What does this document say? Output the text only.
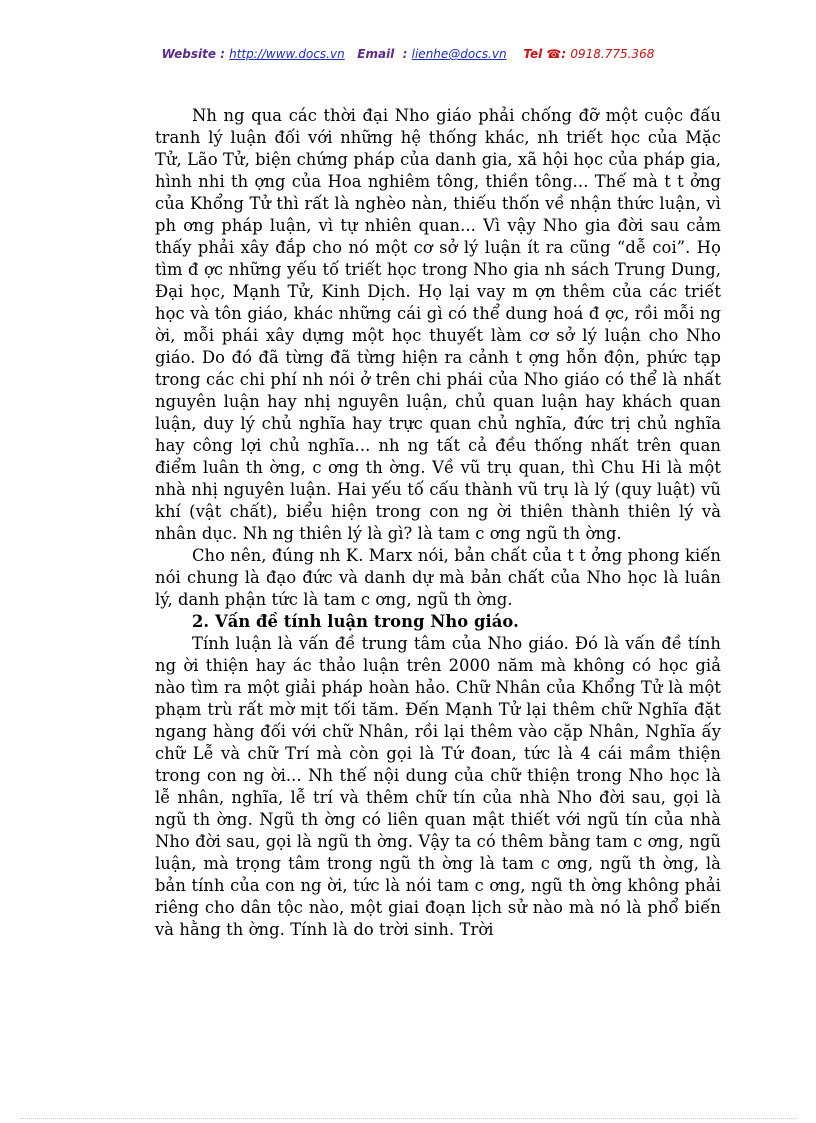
Website : http://www.docs.vn Email  : lienhe@docs.vn Tel ☎: 0918.775.368

Nh ng qua các thời đại Nho giáo phải chống đỡ một cuộc đấu tranh lý luận đối với những hệ thống khác, nh triết học của Mặc Tử, Lão Tử, biện chứng pháp của danh gia, xã hội học của pháp gia, hình nhi th ợng của Hoa nghiêm tông, thiền tông... Thế mà t t ởng của Khổng Tử thì rất là nghèo nàn, thiếu thốn về nhận thức luận, vì ph ơng pháp luận, vì tự nhiên quan... Vì vậy Nho gia đời sau cảm thấy phải xây đắp cho nó một cơ sở lý luận ít ra cũng “dễ coi”. Họ tìm đ ợc những yếu tố triết học trong Nho gia nh sách Trung Dung, Đại học, Mạnh Tử, Kinh Dịch. Họ lại vay m ợn thêm của các triết học và tôn giáo, khác những cái gì có thể dung hoá đ ợc, rồi mỗi ng ời, mỗi phái xây dựng một học thuyết làm cơ sở lý luận cho Nho giáo. Do đó đã từng đã từng hiện ra cảnh t ợng hỗn độn, phức tạp trong các chi phí nh nói ở trên chi phái của Nho giáo có thể là nhất nguyên luận hay nhị nguyên luận, chủ quan luận hay khách quan luận, duy lý chủ nghĩa hay trực quan chủ nghĩa, đức trị chủ nghĩa hay công lợi chủ nghĩa... nh ng tất cả đều thống nhất trên quan điểm luân th ờng, c ơng th ờng. Về vũ trụ quan, thì Chu Hi là một nhà nhị nguyên luận. Hai yếu tố cấu thành vũ trụ là lý (quy luật) vũ khí (vật chất), biểu hiện trong con ng ời thiên thành thiên lý và nhân dục. Nh ng thiên lý là gì? là tam c ơng ngũ th ờng.

Cho nên, đúng nh K. Marx nói, bản chất của t t ởng phong kiến nói chung là đạo đức và danh dự mà bản chất của Nho học là luân lý, danh phận tức là tam c ơng, ngũ th ờng.

2. Vấn đề tính luận trong Nho giáo.

Tính luận là vấn đề trung tâm của Nho giáo. Đó là vấn đề tính ng ời thiện hay ác thảo luận trên 2000 năm mà không có học giả nào tìm ra một giải pháp hoàn hảo. Chữ Nhân của Khổng Tử là một phạm trù rất mờ mịt tối tăm. Đến Mạnh Tử lại thêm chữ Nghĩa đặt ngang hàng đối với chữ Nhân, rồi lại thêm vào cặp Nhân, Nghĩa ấy chữ Lễ và chữ Trí mà còn gọi là Tứ đoan, tức là 4 cái mầm thiện trong con ng ời... Nh thế nội dung của chữ thiện trong Nho học là lễ nhân, nghĩa, lễ trí và thêm chữ tín của nhà Nho đời sau, gọi là ngũ th ờng. Ngũ th ờng có liên quan mật thiết với ngũ tín của nhà Nho đời sau, gọi là ngũ th ờng. Vậy ta có thêm bằng tam c ơng, ngũ luận, mà trọng tâm trong ngũ th ờng là tam c ơng, ngũ th ờng, là bản tính của con ng ời, tức là nói tam c ơng, ngũ th ờng không phải riêng cho dân tộc nào, một giai đoạn lịch sử nào mà nó là phổ biến và hằng th ờng. Tính là do trời sinh. Trời
